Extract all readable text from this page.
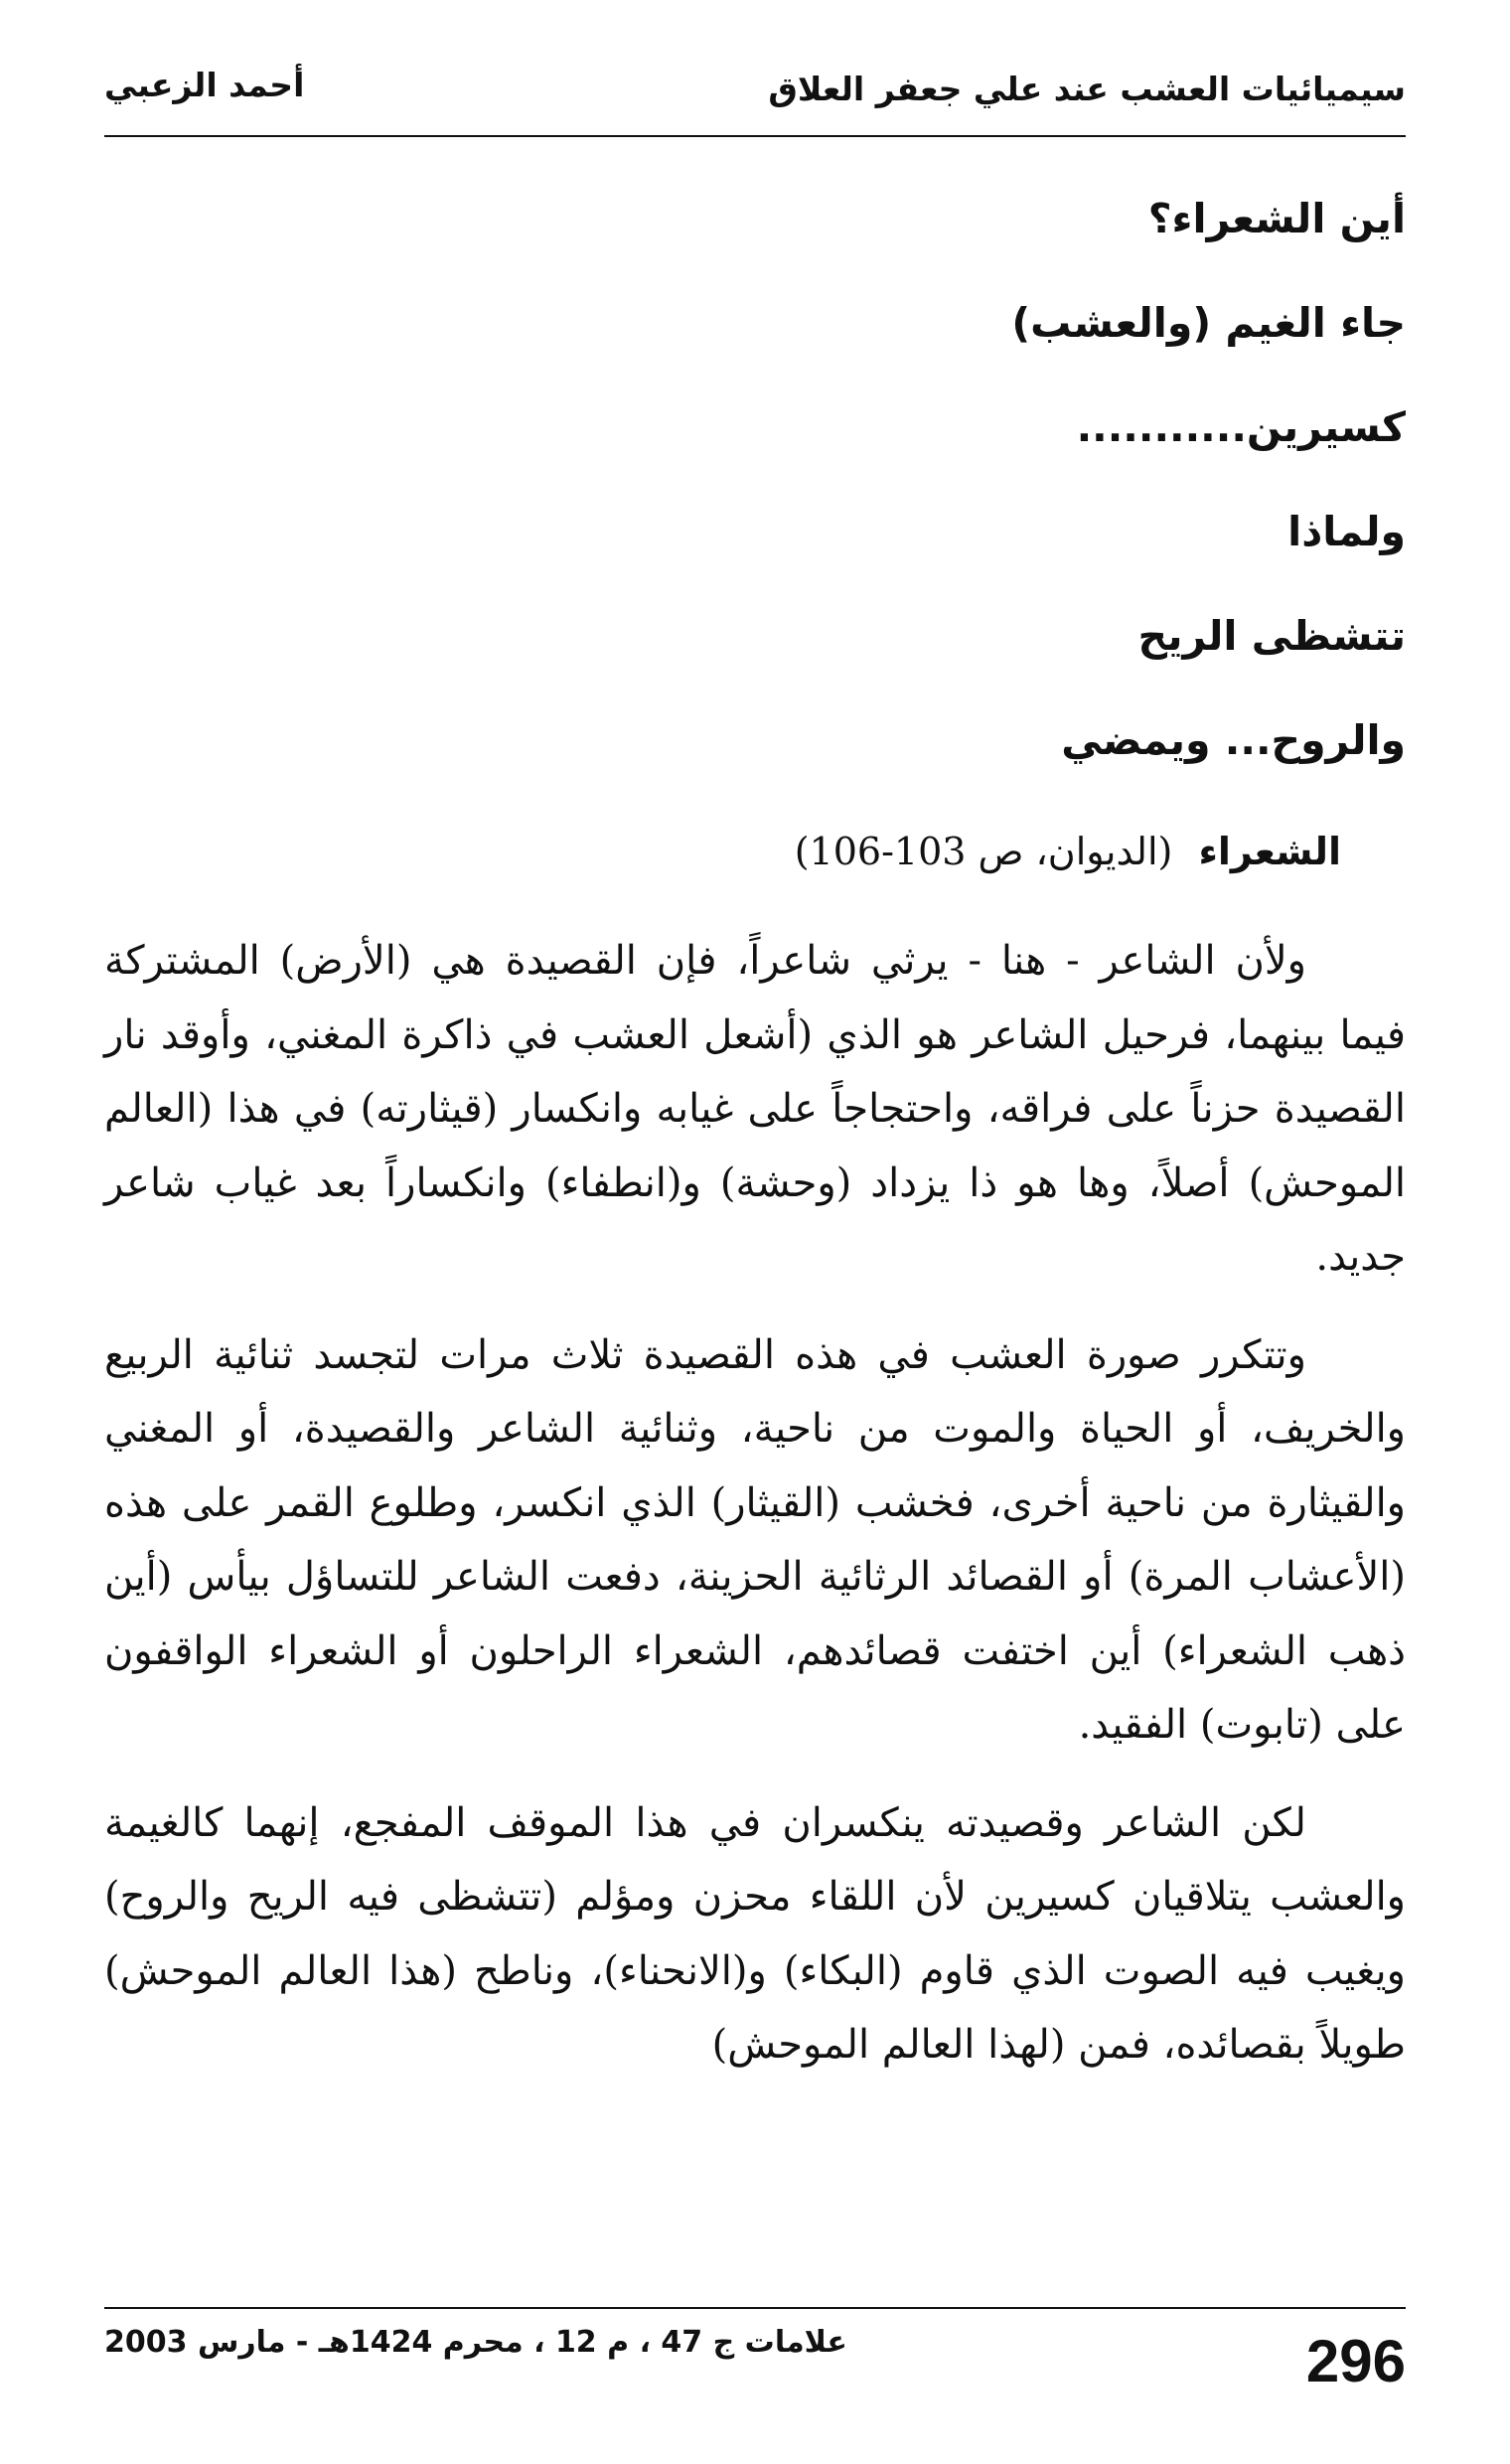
سيميائيات العشب عند علي جعفر العلاق
أحمد الزعبي
أين الشعراء؟
جاء الغيم (والعشب)
كسيرين...........
ولماذا
تتشظى الريح
والروح... ويمضي
الشعراء (الديوان، ص 103-106)

ولأن الشاعر - هنا - يرثي شاعراً، فإن القصيدة هي (الأرض) المشتركة فيما بينهما، فرحيل الشاعر هو الذي (أشعل العشب في ذاكرة المغني، وأوقد نار القصيدة حزناً على فراقه، واحتجاجاً على غيابه وانكسار (قيثارته) في هذا (العالم الموحش) أصلاً، وها هو ذا يزداد (وحشة) و(انطفاء) وانكساراً بعد غياب شاعر جديد.

وتتكرر صورة العشب في هذه القصيدة ثلاث مرات لتجسد ثنائية الربيع والخريف، أو الحياة والموت من ناحية، وثنائية الشاعر والقصيدة، أو المغني والقيثارة من ناحية أخرى، فخشب (القيثار) الذي انكسر، وطلوع القمر على هذه (الأعشاب المرة) أو القصائد الرثائية الحزينة، دفعت الشاعر للتساؤل بيأس (أين ذهب الشعراء) أين اختفت قصائدهم، الشعراء الراحلون أو الشعراء الواقفون على (تابوت) الفقيد.

لكن الشاعر وقصيدته ينكسران في هذا الموقف المفجع، إنهما كالغيمة والعشب يتلاقيان كسيرين لأن اللقاء محزن ومؤلم (تتشظى فيه الريح والروح) ويغيب فيه الصوت الذي قاوم (البكاء) و(الانحناء)، وناطح (هذا العالم الموحش) طويلاً بقصائده، فمن (لهذا العالم الموحش)

296
علامات ج 47 ، م 12 ، محرم 1424هـ - مارس 2003
